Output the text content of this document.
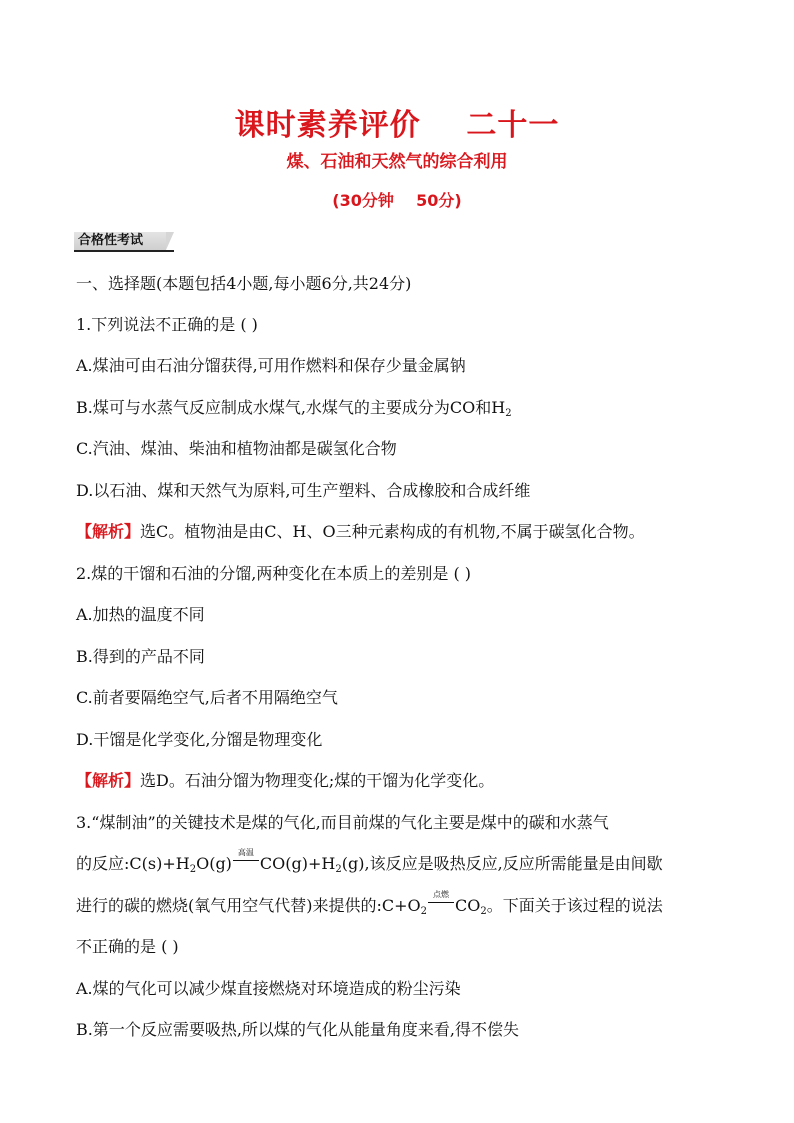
课时素养评价    二十一
煤、石油和天然气的综合利用
(30分钟    50分)
合格性考试
一、选择题(本题包括4小题,每小题6分,共24分)
1.下列说法不正确的是 ( )
A.煤油可由石油分馏获得,可用作燃料和保存少量金属钠
B.煤可与水蒸气反应制成水煤气,水煤气的主要成分为CO和$H_2$
C.汽油、煤油、柴油和植物油都是碳氢化合物
D.以石油、煤和天然气为原料,可生产塑料、合成橡胶和合成纤维
【解析】选C。植物油是由C、H、O三种元素构成的有机物,不属于碳氢化合物。
2.煤的干馏和石油的分馏,两种变化在本质上的差别是 ( )
A.加热的温度不同
B.得到的产品不同
C.前者要隔绝空气,后者不用隔绝空气
D.干馏是化学变化,分馏是物理变化
【解析】选D。石油分馏为物理变化;煤的干馏为化学变化。
3.“煤制油”的关键技术是煤的气化,而目前煤的气化主要是煤中的碳和水蒸气
的反应$:C(s)+H_2O(g)$
高温
$CO(g)+H_2(g)$,该反应是吸热反应,反应所需能量是由间歇
进行的碳的燃烧(氧气用空气代替)来提供的$:C+O_2$
点燃
$CO_2$。下面关于该过程的说法
不正确的是 ( )
A.煤的气化可以减少煤直接燃烧对环境造成的粉尘污染
B.第一个反应需要吸热,所以煤的气化从能量角度来看,得不偿失
